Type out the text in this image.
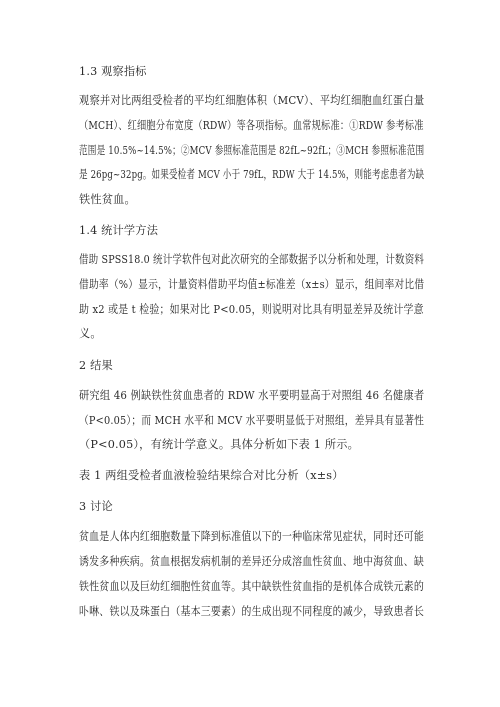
1.3 观察指标
观察并对比两组受检者的平均红细胞体积（MCV）、平均红细胞血红蛋白量
（MCH）、红细胞分布宽度（RDW）等各项指标。血常规标准：①RDW 参考标准
范围是 10.5%~14.5%；②MCV 参照标准范围是 82fL~92fL；③MCH 参照标准范围
是 26pg~32pg。如果受检者 MCV 小于 79fL，RDW 大于 14.5%，则能考虑患者为缺
铁性贫血。
1.4 统计学方法
借助 SPSS18.0 统计学软件包对此次研究的全部数据予以分析和处理，计数资料
借助率（%）显示，计量资料借助平均值±标准差（x±s）显示，组间率对比借
助 x2 或是 t 检验；如果对比 P<0.05，则说明对比具有明显差异及统计学意
义。
2 结果
研究组 46 例缺铁性贫血患者的 RDW 水平要明显高于对照组 46 名健康者
（P<0.05）；而 MCH 水平和 MCV 水平要明显低于对照组，差异具有显著性
（P<0.05），有统计学意义。具体分析如下表 1 所示。
表 1 两组受检者血液检验结果综合对比分析（x±s）
3 讨论
贫血是人体内红细胞数量下降到标准值以下的一种临床常见症状，同时还可能
诱发多种疾病。贫血根据发病机制的差异还分成溶血性贫血、地中海贫血、缺
铁性贫血以及巨幼红细胞性贫血等。其中缺铁性贫血指的是机体合成铁元素的
卟啉、铁以及珠蛋白（基本三要素）的生成出现不同程度的减少，导致患者长
